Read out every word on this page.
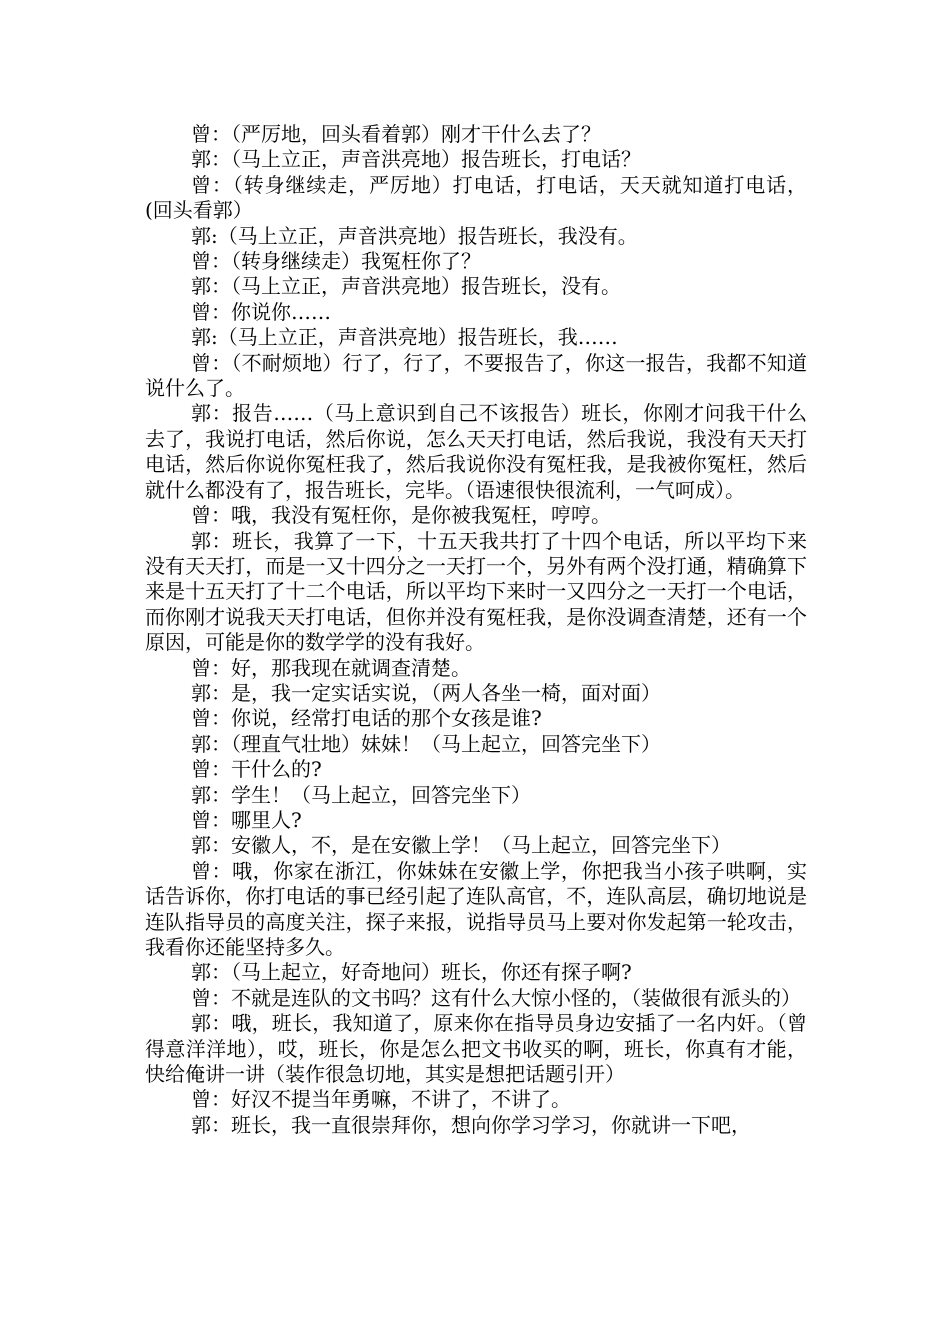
曾：（严厉地，回头看着郭）刚才干什么去了？

郭：（马上立正，声音洪亮地）报告班长，打电话？

曾：（转身继续走，严厉地）打电话，打电话，天天就知道打电话，(回头看郭）

郭:（马上立正，声音洪亮地）报告班长，我没有。

曾：（转身继续走）我冤枉你了？

郭：（马上立正，声音洪亮地）报告班长，没有。

曾：你说你……

郭:（马上立正，声音洪亮地）报告班长，我……

曾：（不耐烦地）行了，行了，不要报告了，你这一报告，我都不知道说什么了。

郭：报告……（马上意识到自己不该报告）班长，你刚才问我干什么去了，我说打电话，然后你说，怎么天天打电话，然后我说，我没有天天打电话，然后你说你冤枉我了，然后我说你没有冤枉我，是我被你冤枉，然后就什么都没有了，报告班长，完毕。（语速很快很流利，一气呵成）。

曾：哦，我没有冤枉你，是你被我冤枉，哼哼。

郭：班长，我算了一下，十五天我共打了十四个电话，所以平均下来没有天天打，而是一又十四分之一天打一个，另外有两个没打通，精确算下来是十五天打了十二个电话，所以平均下来时一又四分之一天打一个电话，而你刚才说我天天打电话，但你并没有冤枉我，是你没调查清楚，还有一个原因，可能是你的数学学的没有我好。

曾：好，那我现在就调查清楚。

郭：是，我一定实话实说，（两人各坐一椅，面对面）

曾：你说，经常打电话的那个女孩是谁?

郭：（理直气壮地）妹妹！（马上起立，回答完坐下）

曾：干什么的?

郭：学生！（马上起立，回答完坐下）

曾：哪里人?

郭：安徽人，不，是在安徽上学！（马上起立，回答完坐下）

曾：哦，你家在浙江，你妹妹在安徽上学，你把我当小孩子哄啊，实话告诉你，你打电话的事已经引起了连队高官，不，连队高层，确切地说是连队指导员的高度关注，探子来报，说指导员马上要对你发起第一轮攻击，我看你还能坚持多久。

郭：（马上起立，好奇地问）班长，你还有探子啊?

曾：不就是连队的文书吗？这有什么大惊小怪的，（装做很有派头的）

郭：哦，班长，我知道了，原来你在指导员身边安插了一名内奸。（曾得意洋洋地），哎，班长，你是怎么把文书收买的啊，班长，你真有才能，快给俺讲一讲（装作很急切地，其实是想把话题引开）

曾：好汉不提当年勇嘛，不讲了，不讲了。

郭：班长，我一直很崇拜你，想向你学习学习，你就讲一下吧，
